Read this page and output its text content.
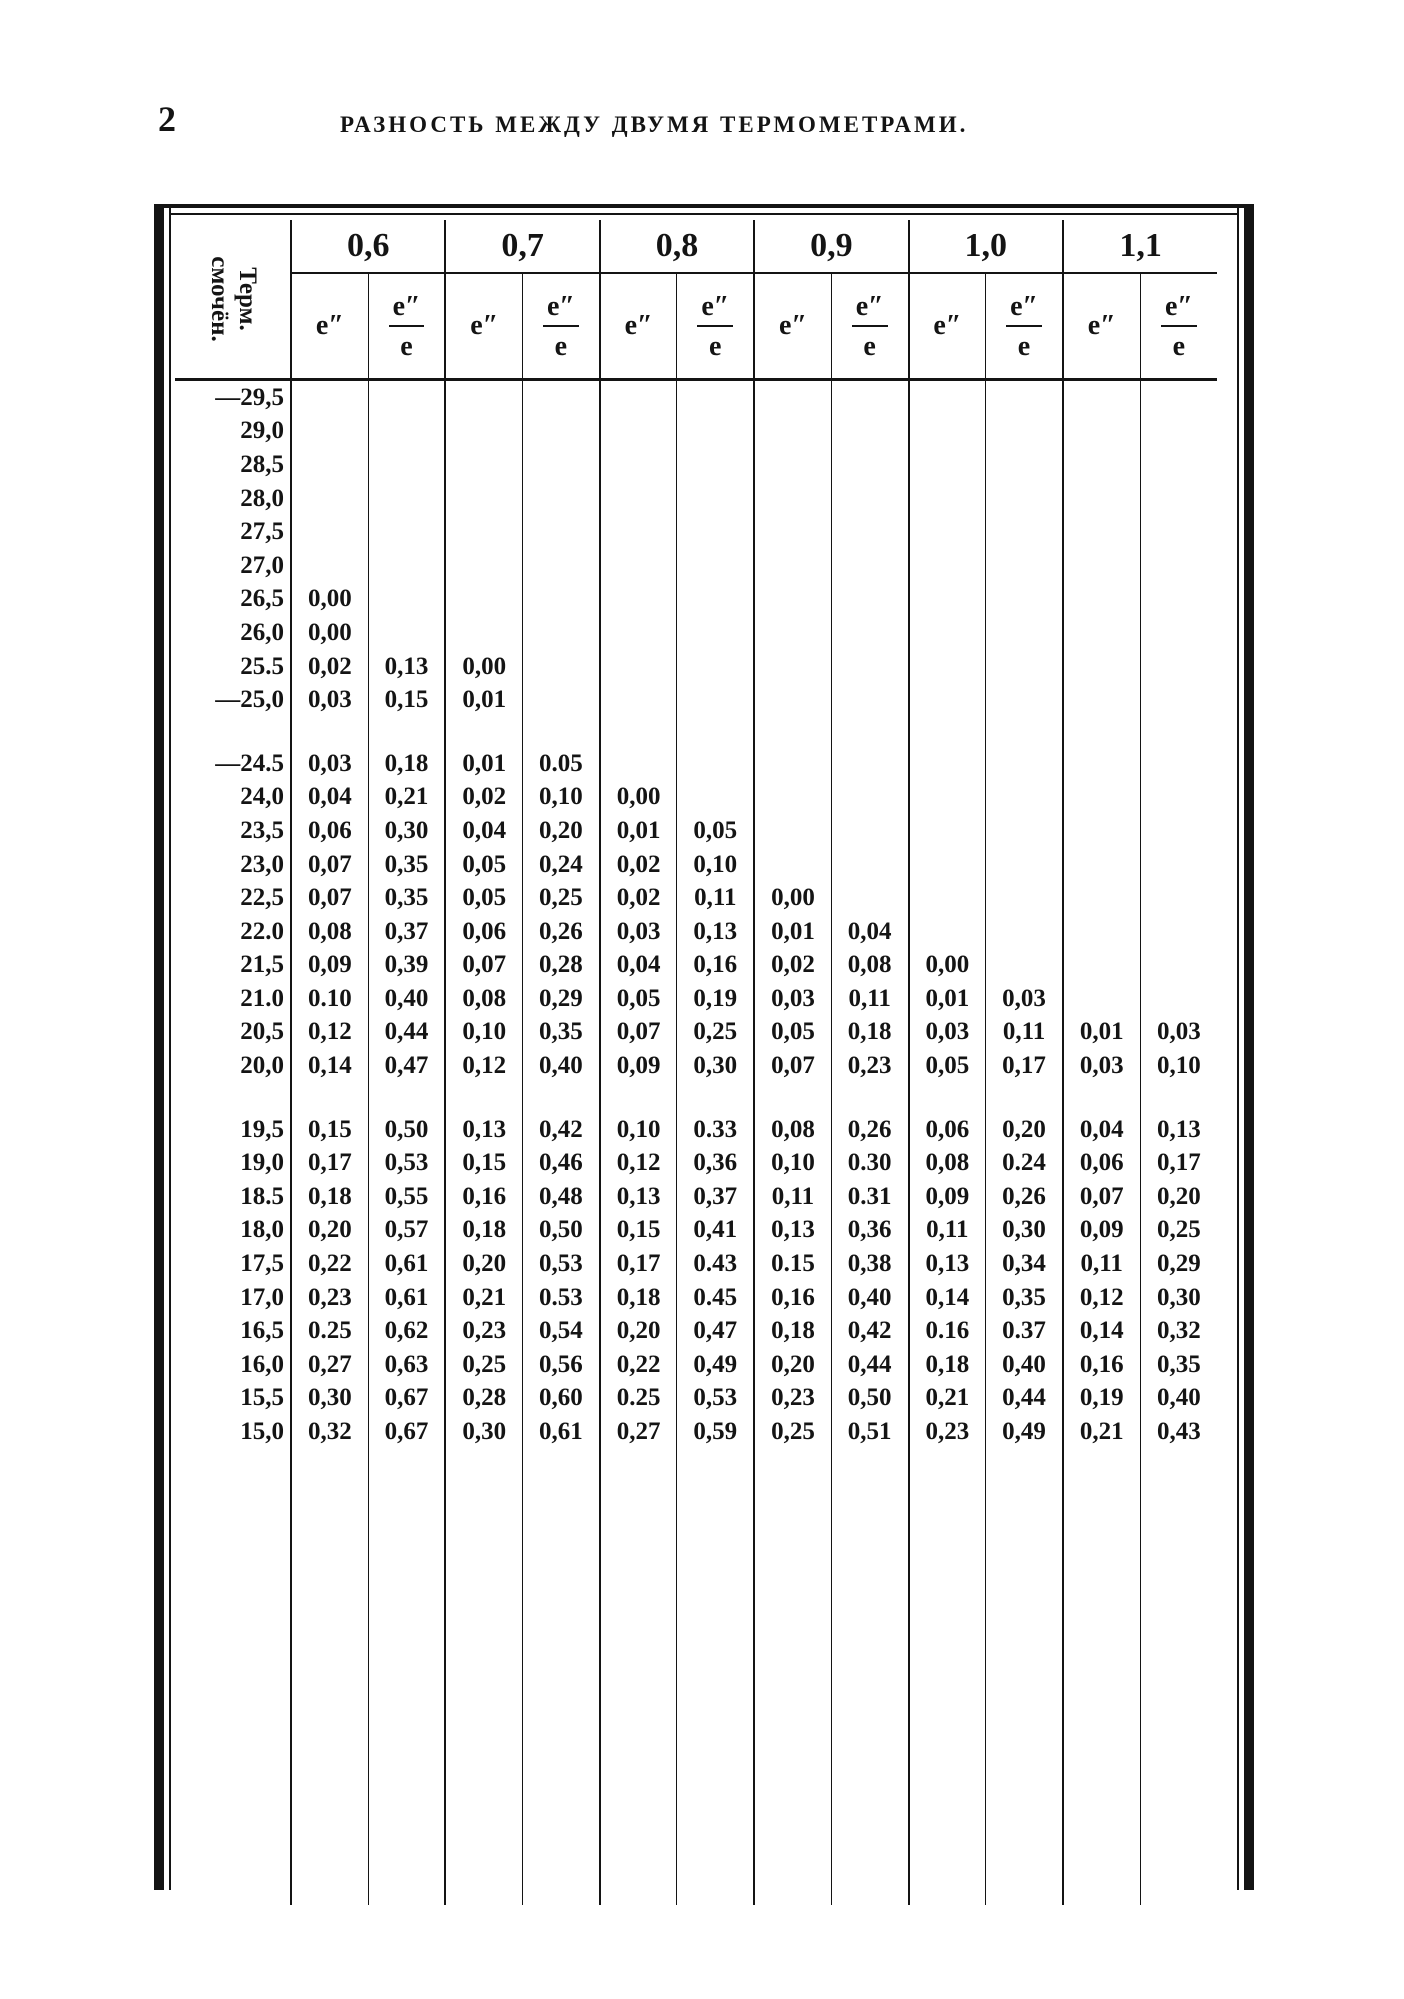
2	РАЗНОСТЬ МЕЖДУ ДВУМЯ ТЕРМОМЕТРАМИ.
Терм.
смочён.	0,6		0,7		0,8		0,9		1,0		1,1	
	e″	$\frac{e''}{e}$	e″	$\frac{e''}{e}$	e″	$\frac{e''}{e}$	e″	$\frac{e''}{e}$	e″	$\frac{e''}{e}$	e″	$\frac{e''}{e}$

—29,5												
29,0												
28,5												
28,0												
27,5												
27,0												
26,5	0,00											
26,0	0,00											
25.5	0,02	0,13	0,00									
—25,0	0,03	0,15	0,01									

—24.5	0,03	0,18	0,01	0.05								
24,0	0,04	0,21	0,02	0,10	0,00							
23,5	0,06	0,30	0,04	0,20	0,01	0,05						
23,0	0,07	0,35	0,05	0,24	0,02	0,10						
22,5	0,07	0,35	0,05	0,25	0,02	0,11	0,00					
22.0	0,08	0,37	0,06	0,26	0,03	0,13	0,01	0,04				
21,5	0,09	0,39	0,07	0,28	0,04	0,16	0,02	0,08	0,00			
21.0	0.10	0,40	0,08	0,29	0,05	0,19	0,03	0,11	0,01	0,03		
20,5	0,12	0,44	0,10	0,35	0,07	0,25	0,05	0,18	0,03	0,11	0,01	0,03
20,0	0,14	0,47	0,12	0,40	0,09	0,30	0,07	0,23	0,05	0,17	0,03	0,10

19,5	0,15	0,50	0,13	0,42	0,10	0.33	0,08	0,26	0,06	0,20	0,04	0,13
19,0	0,17	0,53	0,15	0,46	0,12	0,36	0,10	0.30	0,08	0.24	0,06	0,17
18.5	0,18	0,55	0,16	0,48	0,13	0,37	0,11	0.31	0,09	0,26	0,07	0,20
18,0	0,20	0,57	0,18	0,50	0,15	0,41	0,13	0,36	0,11	0,30	0,09	0,25
17,5	0,22	0,61	0,20	0,53	0,17	0.43	0.15	0,38	0,13	0,34	0,11	0,29
17,0	0,23	0,61	0,21	0.53	0,18	0.45	0,16	0,40	0,14	0,35	0,12	0,30
16,5	0.25	0,62	0,23	0,54	0,20	0,47	0,18	0,42	0.16	0.37	0,14	0,32
16,0	0,27	0,63	0,25	0,56	0,22	0,49	0,20	0,44	0,18	0,40	0,16	0,35
15,5	0,30	0,67	0,28	0,60	0.25	0,53	0,23	0,50	0,21	0,44	0,19	0,40
15,0	0,32	0,67	0,30	0,61	0,27	0,59	0,25	0,51	0,23	0,49	0,21	0,43
